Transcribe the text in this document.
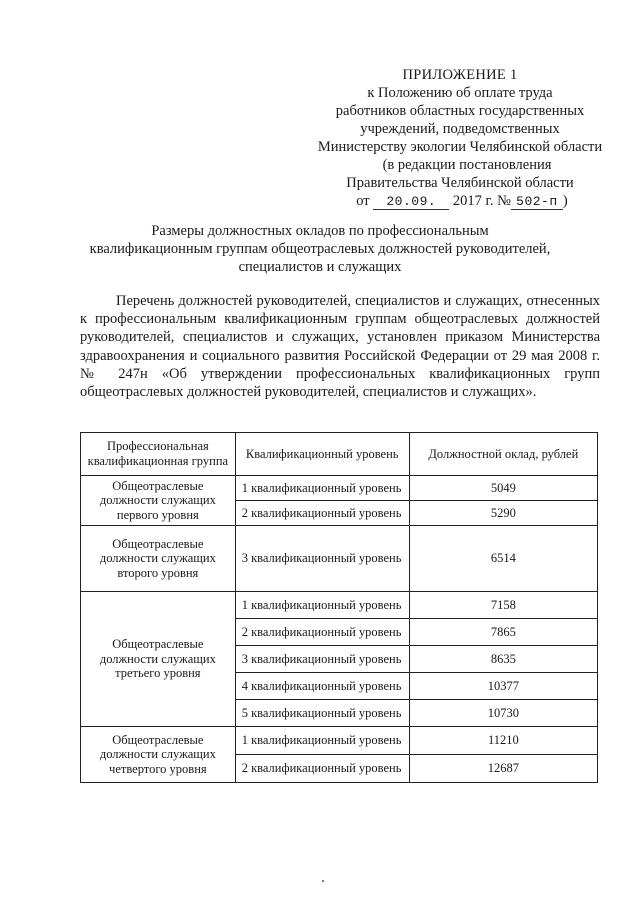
ПРИЛОЖЕНИЕ 1
к Положению об оплате труда
работников областных государственных
учреждений, подведомственных
Министерству экологии Челябинской области
(в редакции постановления
Правительства Челябинской области
от 20.09. 2017 г. № 502-п )
Размеры должностных окладов по профессиональным
квалификационным группам общеотраслевых должностей руководителей,
специалистов и служащих

Перечень должностей руководителей, специалистов и служащих, отнесенных к профессиональным квалификационным группам общеотраслевых должностей руководителей, специалистов и служащих, установлен приказом Министерства здравоохранения и социального развития Российской Федерации от 29 мая 2008 г. № 247н «Об утверждении профессиональных квалификационных групп общеотраслевых должностей руководителей, специалистов и служащих».

Профессиональная квалификационная группа	Квалификационный уровень	Должностной оклад, рублей
Общеотраслевые должности служащих первого уровня	1 квалификационный уровень	5049
	2 квалификационный уровень	5290
Общеотраслевые должности служащих второго уровня	3 квалификационный уровень	6514
Общеотраслевые должности служащих третьего уровня	1 квалификационный уровень	7158
	2 квалификационный уровень	7865
	3 квалификационный уровень	8635
	4 квалификационный уровень	10377
	5 квалификационный уровень	10730
Общеотраслевые должности служащих четвертого уровня	1 квалификационный уровень	11210
	2 квалификационный уровень	12687
